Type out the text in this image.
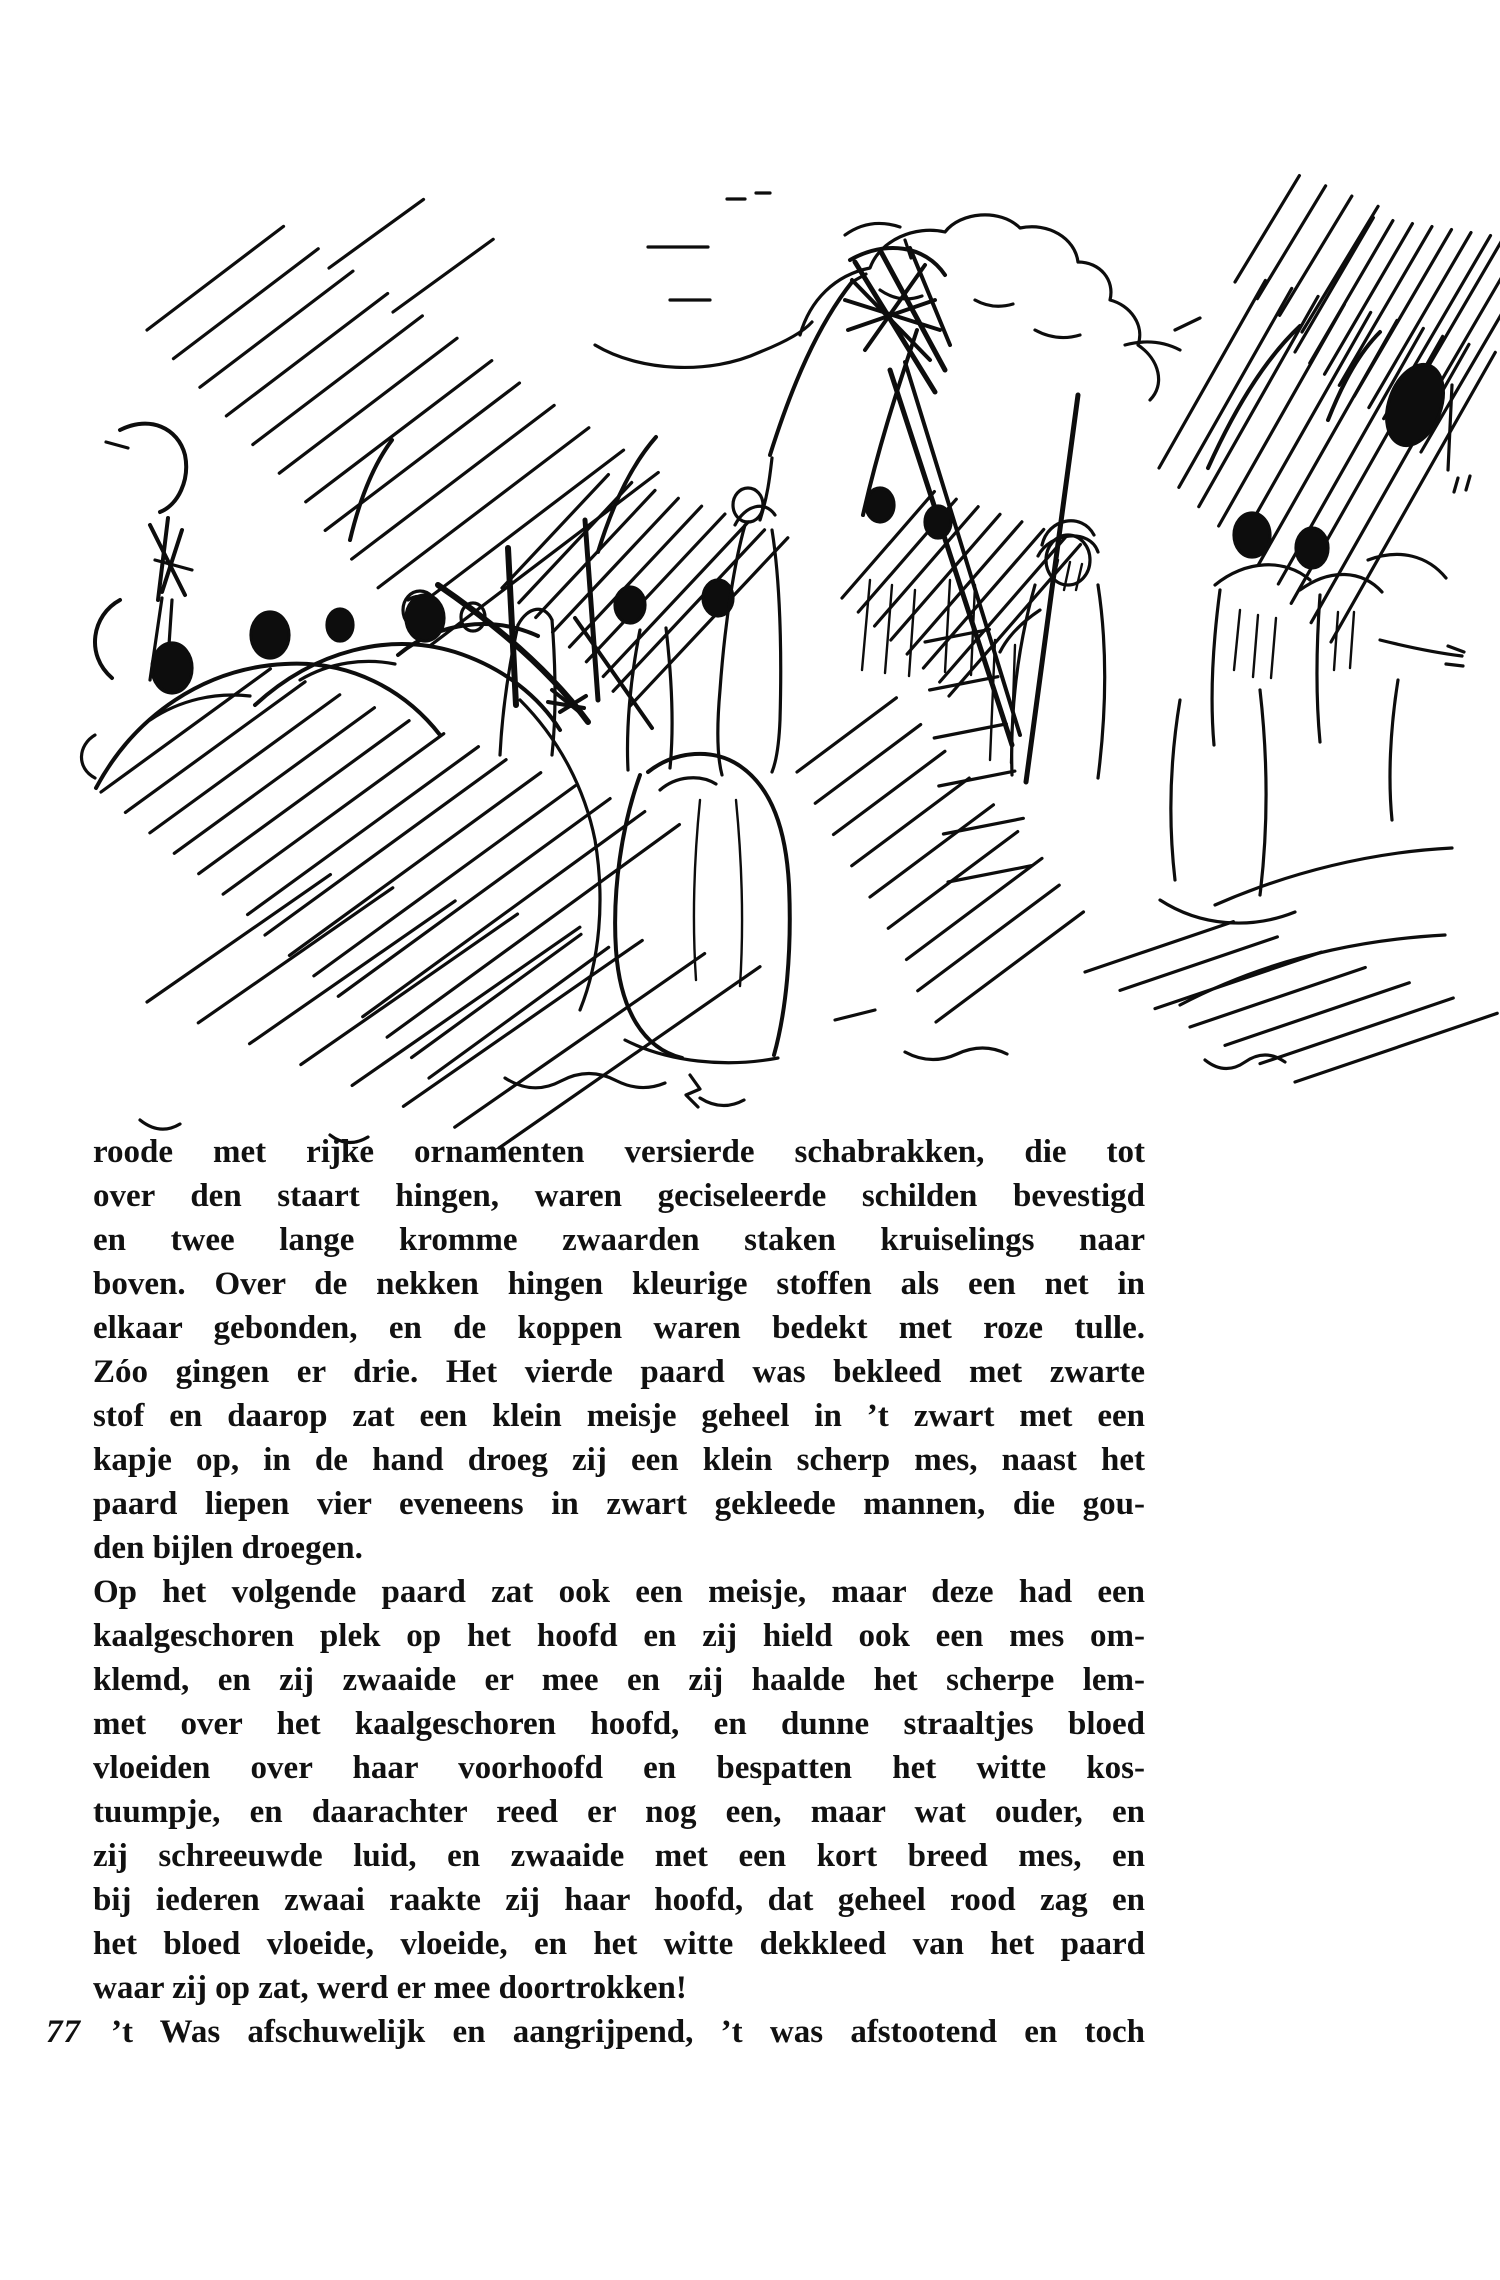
roode met rijke ornamenten versierde schabrakken, die tot
over den staart hingen, waren geciseleerde schilden bevestigd
en twee lange kromme zwaarden staken kruiselings naar
boven. Over de nekken hingen kleurige stoffen als een net in
elkaar gebonden, en de koppen waren bedekt met roze tulle.
Zóo gingen er drie. Het vierde paard was bekleed met zwarte
stof en daarop zat een klein meisje geheel in ’t zwart met een
kapje op, in de hand droeg zij een klein scherp mes, naast het
paard liepen vier eveneens in zwart gekleede mannen, die gou-
den bijlen droegen.
Op het volgende paard zat ook een meisje, maar deze had een
kaalgeschoren plek op het hoofd en zij hield ook een mes om-
klemd, en zij zwaaide er mee en zij haalde het scherpe lem-
met over het kaalgeschoren hoofd, en dunne straaltjes bloed
vloeiden over haar voorhoofd en bespatten het witte kos-
tuumpje, en daarachter reed er nog een, maar wat ouder, en
zij schreeuwde luid, en zwaaide met een kort breed mes, en
bij iederen zwaai raakte zij haar hoofd, dat geheel rood zag en
het bloed vloeide, vloeide, en het witte dekkleed van het paard
waar zij op zat, werd er mee doortrokken!
77 ’t Was afschuwelijk en aangrijpend, ’t was afstootend en toch
